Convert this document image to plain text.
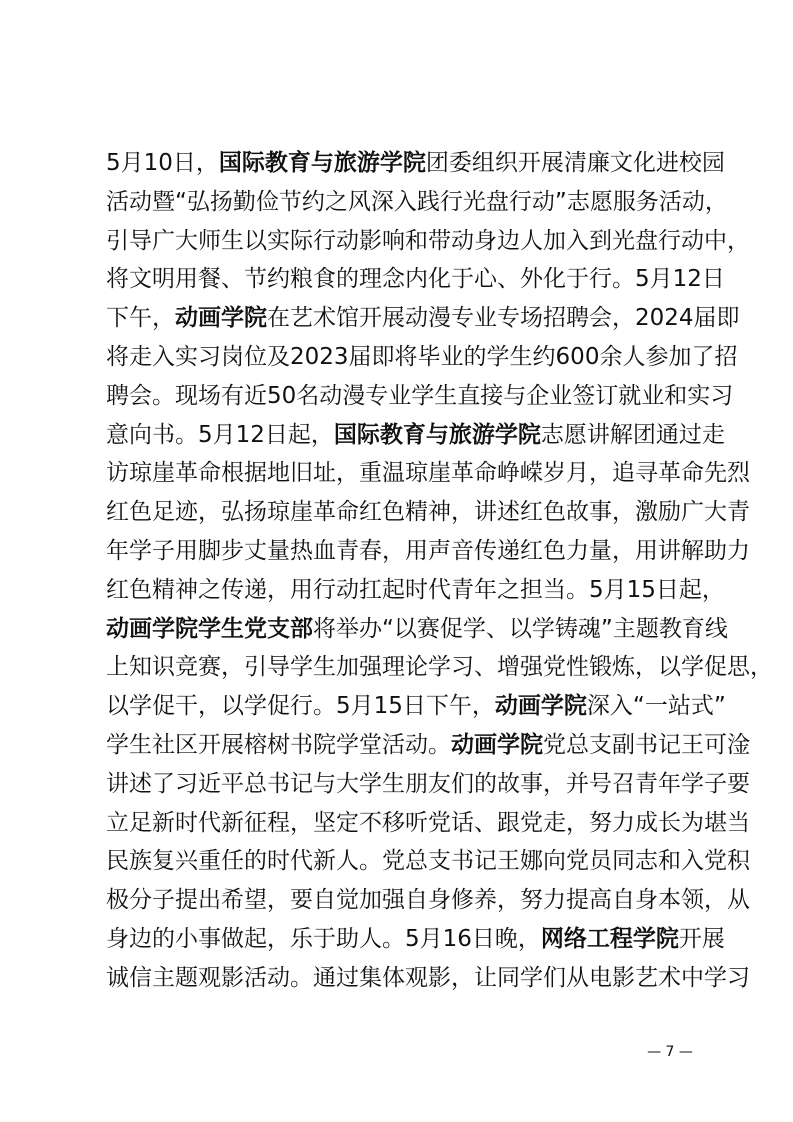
5 月 10 日 ， 国 际 教 育 与 旅 游 学 院 团 委 组 织 开 展 清 廉 文 化 进 校 园
活 动 暨 “ 弘 扬 勤 俭 节 约 之 风 深 入 践 行 光 盘 行 动 ” 志 愿 服 务 活 动 ，
引 导 广 大 师 生 以 实 际 行 动 影 响 和 带 动 身 边 人 加 入 到 光 盘 行 动 中 ，
将 文 明 用 餐 、 节 约 粮 食 的 理 念 内 化 于 心 、 外 化 于 行 。 5 月 12 日
下 午 ， 动 画 学 院 在 艺 术 馆 开 展 动 漫 专 业 专 场 招 聘 会 ， 2024 届 即
将 走 入 实 习 岗 位 及 2023 届 即 将 毕 业 的 学 生 约 600 余 人 参 加 了 招
聘 会 。 现 场 有 近 50 名 动 漫 专 业 学 生 直 接 与 企 业 签 订 就 业 和 实 习
意 向 书 。 5 月 12 日 起 ， 国 际 教 育 与 旅 游 学 院 志 愿 讲 解 团 通 过 走
访 琼 崖 革 命 根 据 地 旧 址 ， 重 温 琼 崖 革 命 峥 嵘 岁 月 ， 追 寻 革 命 先 烈
红 色 足 迹 ， 弘 扬 琼 崖 革 命 红 色 精 神 ， 讲 述 红 色 故 事 ， 激 励 广 大 青
年 学 子 用 脚 步 丈 量 热 血 青 春 ， 用 声 音 传 递 红 色 力 量 ， 用 讲 解 助 力
红 色 精 神 之 传 递 ， 用 行 动 扛 起 时 代 青 年 之 担 当 。 5 月 15 日 起 ，
动 画 学 院 学 生 党 支 部 将 举 办 “ 以 赛 促 学 、 以 学 铸 魂 ” 主 题 教 育 线
上 知 识 竞 赛 ， 引 导 学 生 加 强 理 论 学 习 、 增 强 党 性 锻 炼 ， 以 学 促 思 ，
以 学 促 干 ， 以 学 促 行 。 5 月 15 日 下 午 ， 动 画 学 院 深 入 “ 一 站 式 ”
学 生 社 区 开 展 榕 树 书 院 学 堂 活 动 。 动 画 学 院 党 总 支 副 书 记 王 可 淦
讲 述 了 习 近 平 总 书 记 与 大 学 生 朋 友 们 的 故 事 ， 并 号 召 青 年 学 子 要
立 足 新 时 代 新 征 程 ， 坚 定 不 移 听 党 话 、 跟 党 走 ， 努 力 成 长 为 堪 当
民 族 复 兴 重 任 的 时 代 新 人 。 党 总 支 书 记 王 娜 向 党 员 同 志 和 入 党 积
极 分 子 提 出 希 望 ， 要 自 觉 加 强 自 身 修 养 ， 努 力 提 高 自 身 本 领 ， 从
身 边 的 小 事 做 起 ， 乐 于 助 人 。 5 月 16 日 晚 ， 网 络 工 程 学 院 开 展
诚 信 主 题 观 影 活 动 。 通 过 集 体 观 影 ， 让 同 学 们 从 电 影 艺 术 中 学 习
— 7 —
